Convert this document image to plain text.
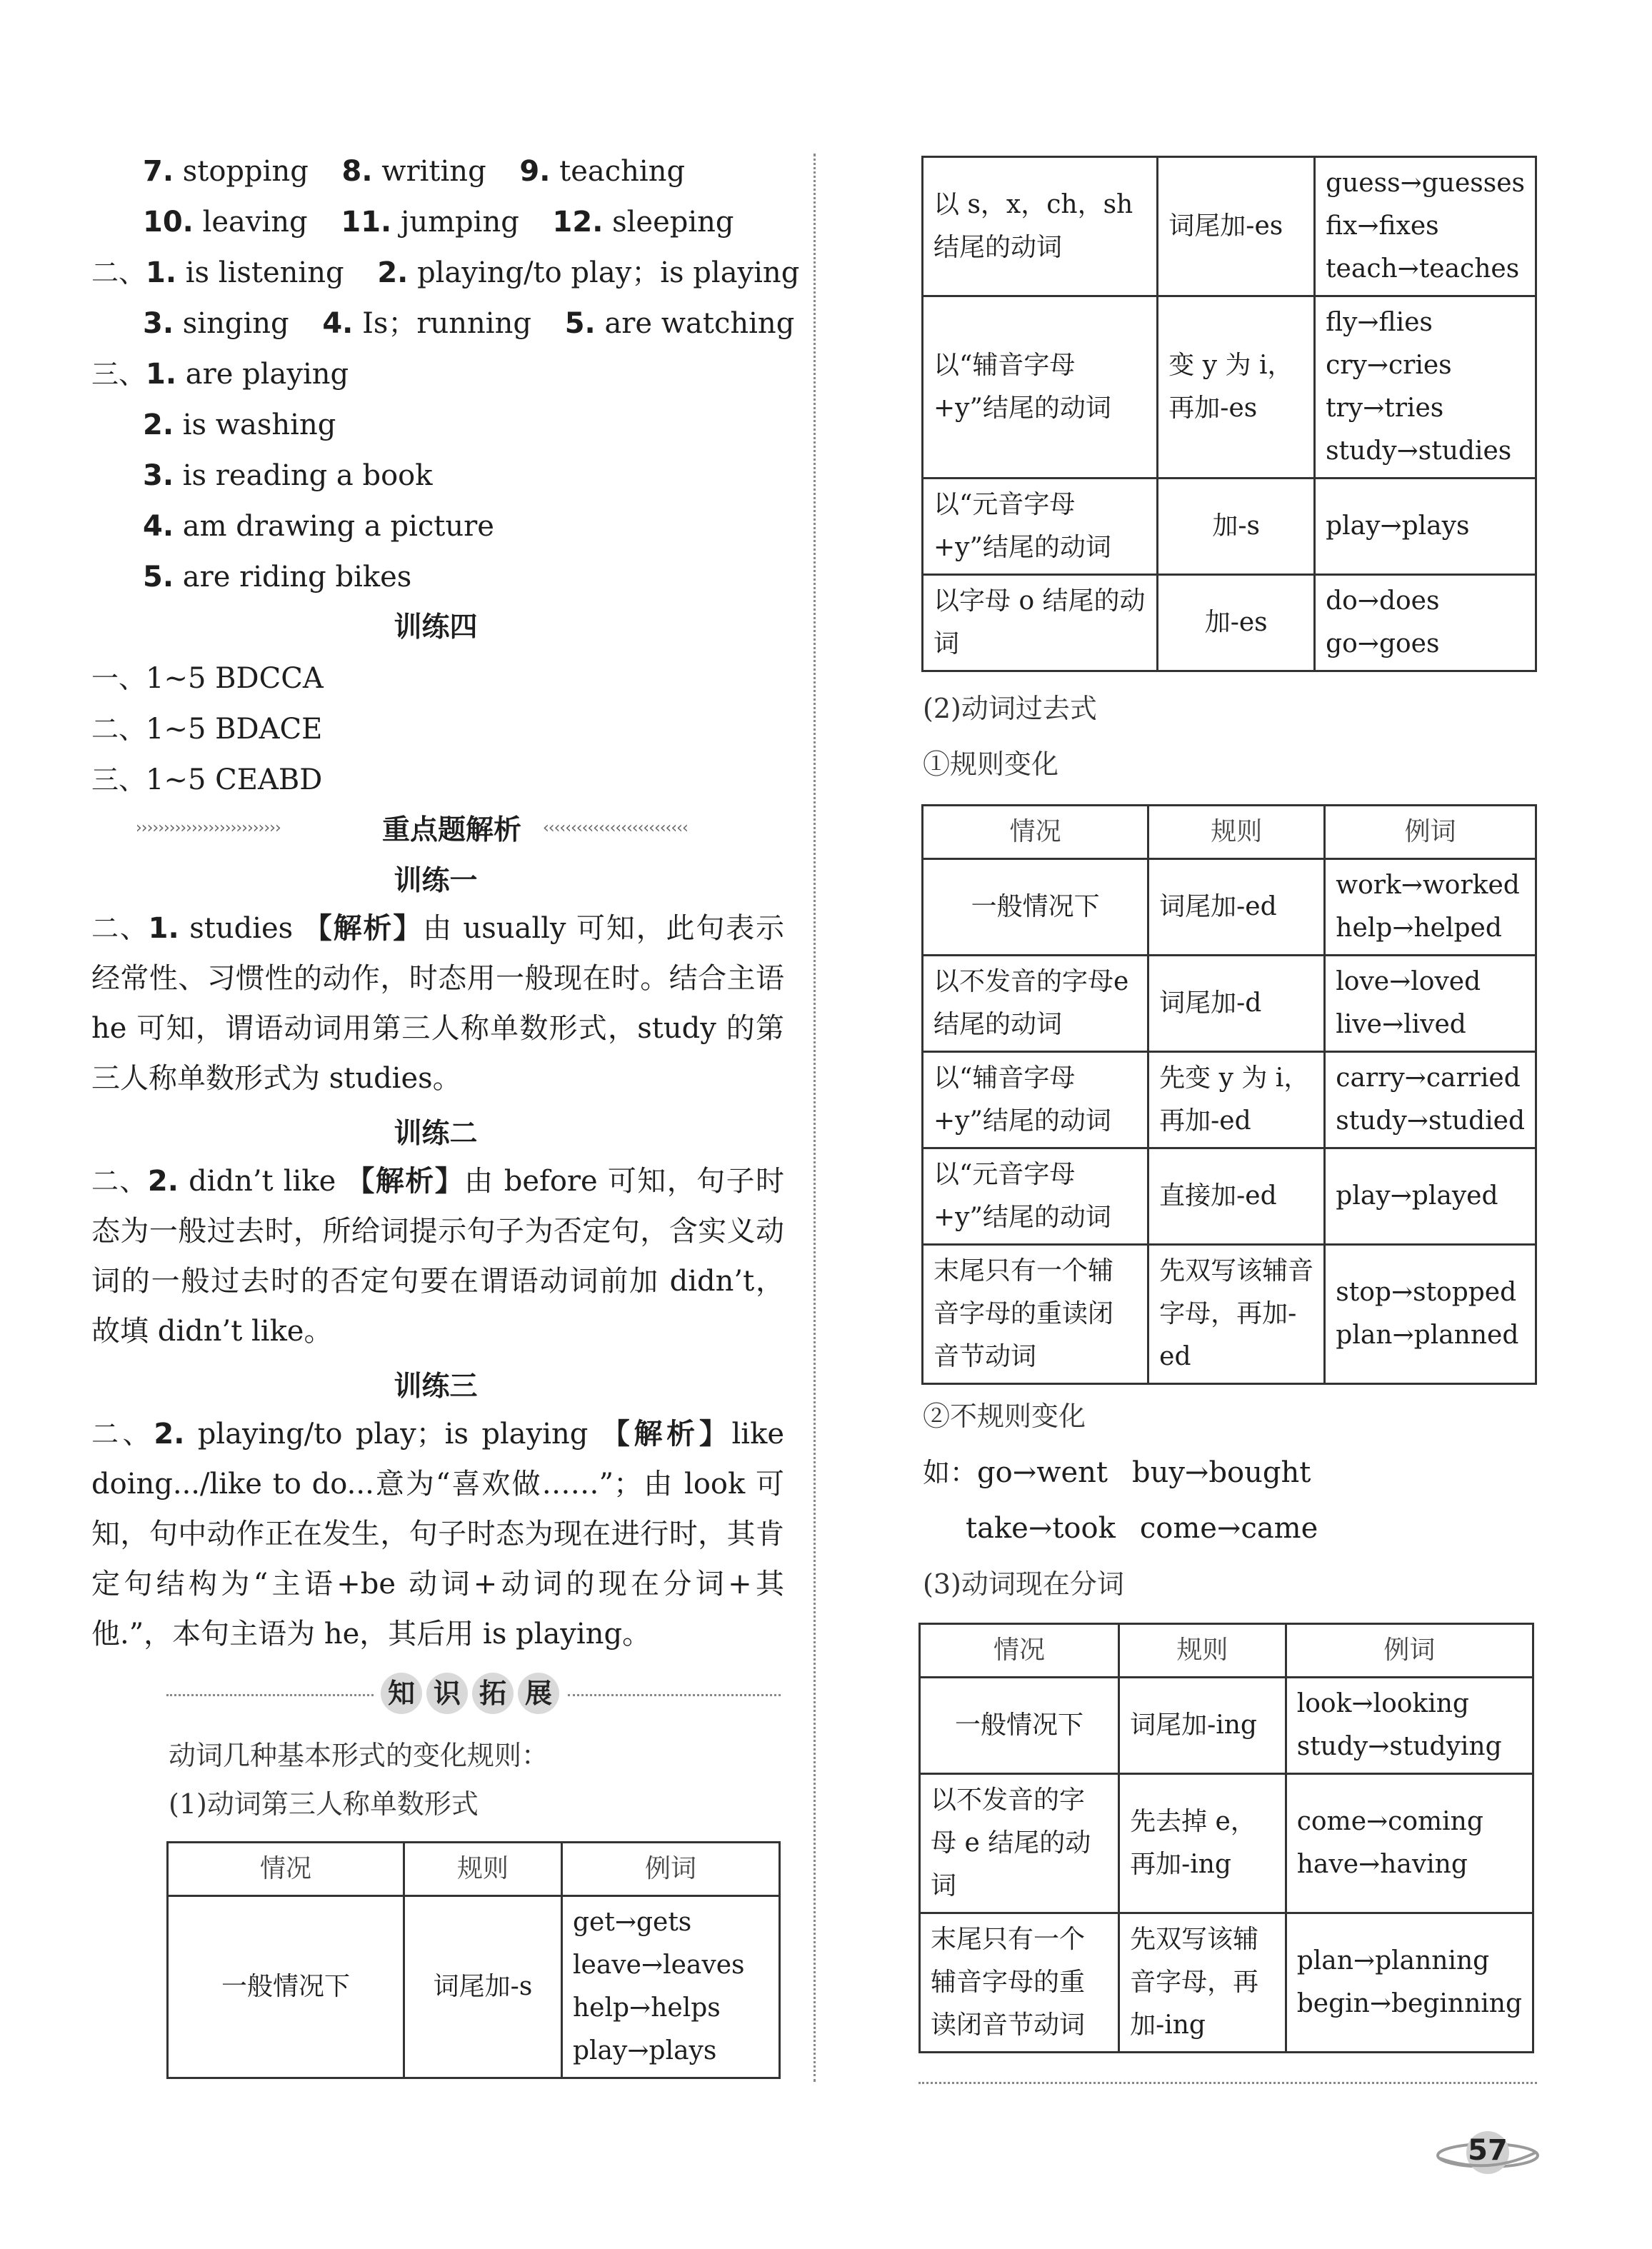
7. stopping 8. writing 9. teaching
10. leaving 11. jumping 12. sleeping
二、1. is listening 2. playing/to play；is playing
3. singing 4. Is；running 5. are watching
三、1. are playing
2. is washing
3. is reading a book
4. am drawing a picture
5. are riding bikes
训练四
一、1~5 BDCCA
二、1~5 BDACE
三、1~5 CEABD
››››››››››››››››››››››››››	重点题解析 ‹‹‹‹‹‹‹‹‹‹‹‹‹‹‹‹‹‹‹‹‹‹‹‹‹‹
训练一
二、1. studies 【解析】由 usually 可知，此句表示经常性、习惯性的动作，时态用一般现在时。结合主语 he 可知，谓语动词用第三人称单数形式，study 的第三人称单数形式为 studies。
训练二
二、2. didn’t like 【解析】由 before 可知，句子时态为一般过去时，所给词提示句子为否定句，含实义动词的一般过去时的否定句要在谓语动词前加 didn’t，故填 didn’t like。
训练三
二、2. playing/to play；is playing 【解析】like doing.../like to do...意为“喜欢做……”；由 look 可知，句中动作正在发生，句子时态为现在进行时，其肯定句结构为“主语+be 动词+动词的现在分词+其他.”，本句主语为 he，其后用 is playing。
知 识 拓 展
动词几种基本形式的变化规则：
(1)动词第三人称单数形式
情况	规则	例词
一般情况下	词尾加-s	get→gets
leave→leaves
help→helps
play→plays
以 s，x，ch，sh 结尾的动词	词尾加-es	guess→guesses
fix→fixes
teach→teaches

以“辅音字母+y”结尾的动词	变 y 为 i，再加-es	fly→flies
cry→cries
try→tries
study→studies

以“元音字母+y”结尾的动词	加-s	play→plays

以字母 o 结尾的动词	加-es	do→does
go→goes
(2)动词过去式
①规则变化
情况	规则	例词
一般情况下	词尾加-ed	work→worked
help→helped

以不发音的字母e结尾的动词	词尾加-d	love→loved
live→lived

以“辅音字母+y”结尾的动词	先变 y 为 i，再加-ed	carry→carried
study→studied

以“元音字母+y”结尾的动词	直接加-ed	play→played

末尾只有一个辅音字母的重读闭音节动词	先双写该辅音字母，再加-ed	stop→stopped
plan→planned
②不规则变化
如：go→went buy→bought
take→took come→came
(3)动词现在分词
情况	规则	例词
一般情况下	词尾加-ing	look→looking
study→studying

以不发音的字母 e 结尾的动词	先去掉 e，再加-ing	come→coming
have→having

末尾只有一个辅音字母的重读闭音节动词	先双写该辅音字母，再加-ing	plan→planning
begin→beginning
57
